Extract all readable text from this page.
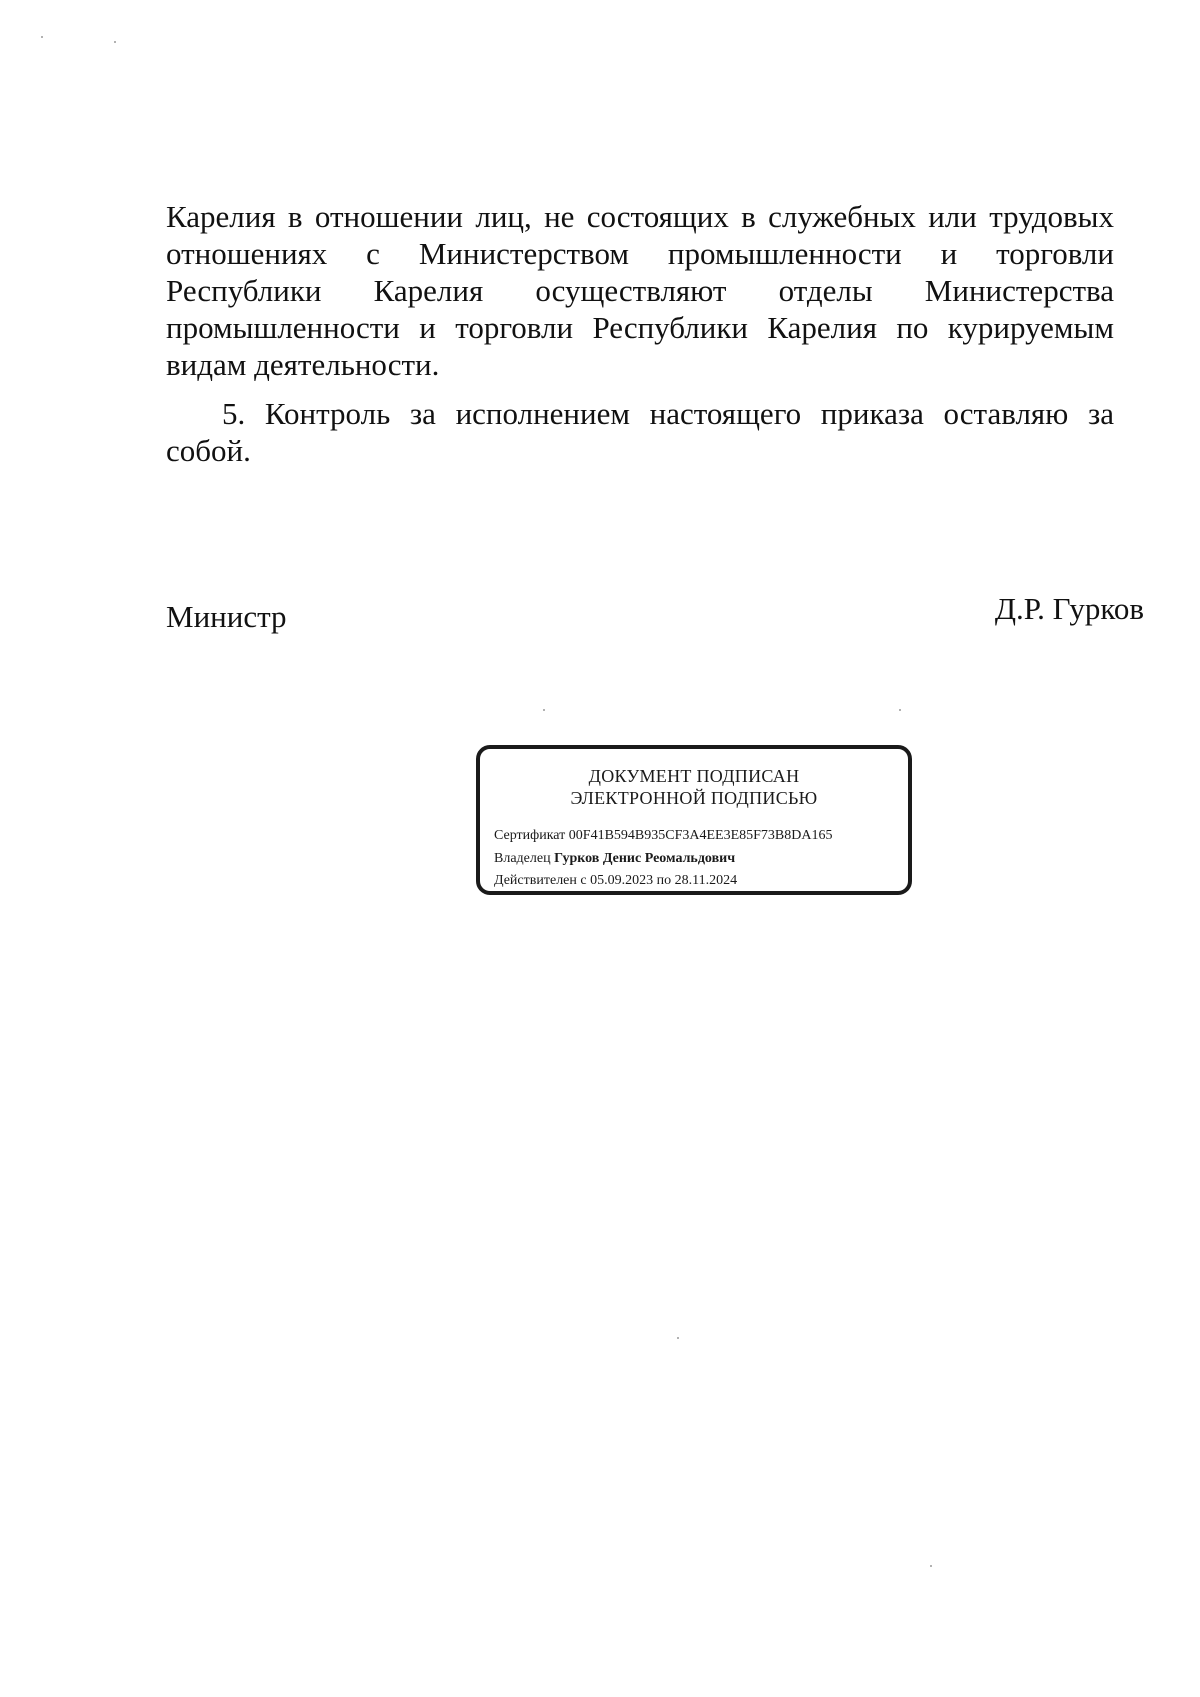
Карелия в отношении лиц, не состоящих в служебных или трудовых отношениях с Министерством промышленности и торговли Республики Карелия осуществляют отделы Министерства промышленности и торговли Республики Карелия по курируемым видам деятельности.

5. Контроль за исполнением настоящего приказа оставляю за собой.

Министр	Д.Р. Гурков
ДОКУМЕНТ ПОДПИСАН
ЭЛЕКТРОННОЙ ПОДПИСЬЮ
Сертификат 00F41B594B935CF3A4EE3E85F73B8DA165
Владелец Гурков Денис Реомальдович
Действителен с 05.09.2023 по 28.11.2024
